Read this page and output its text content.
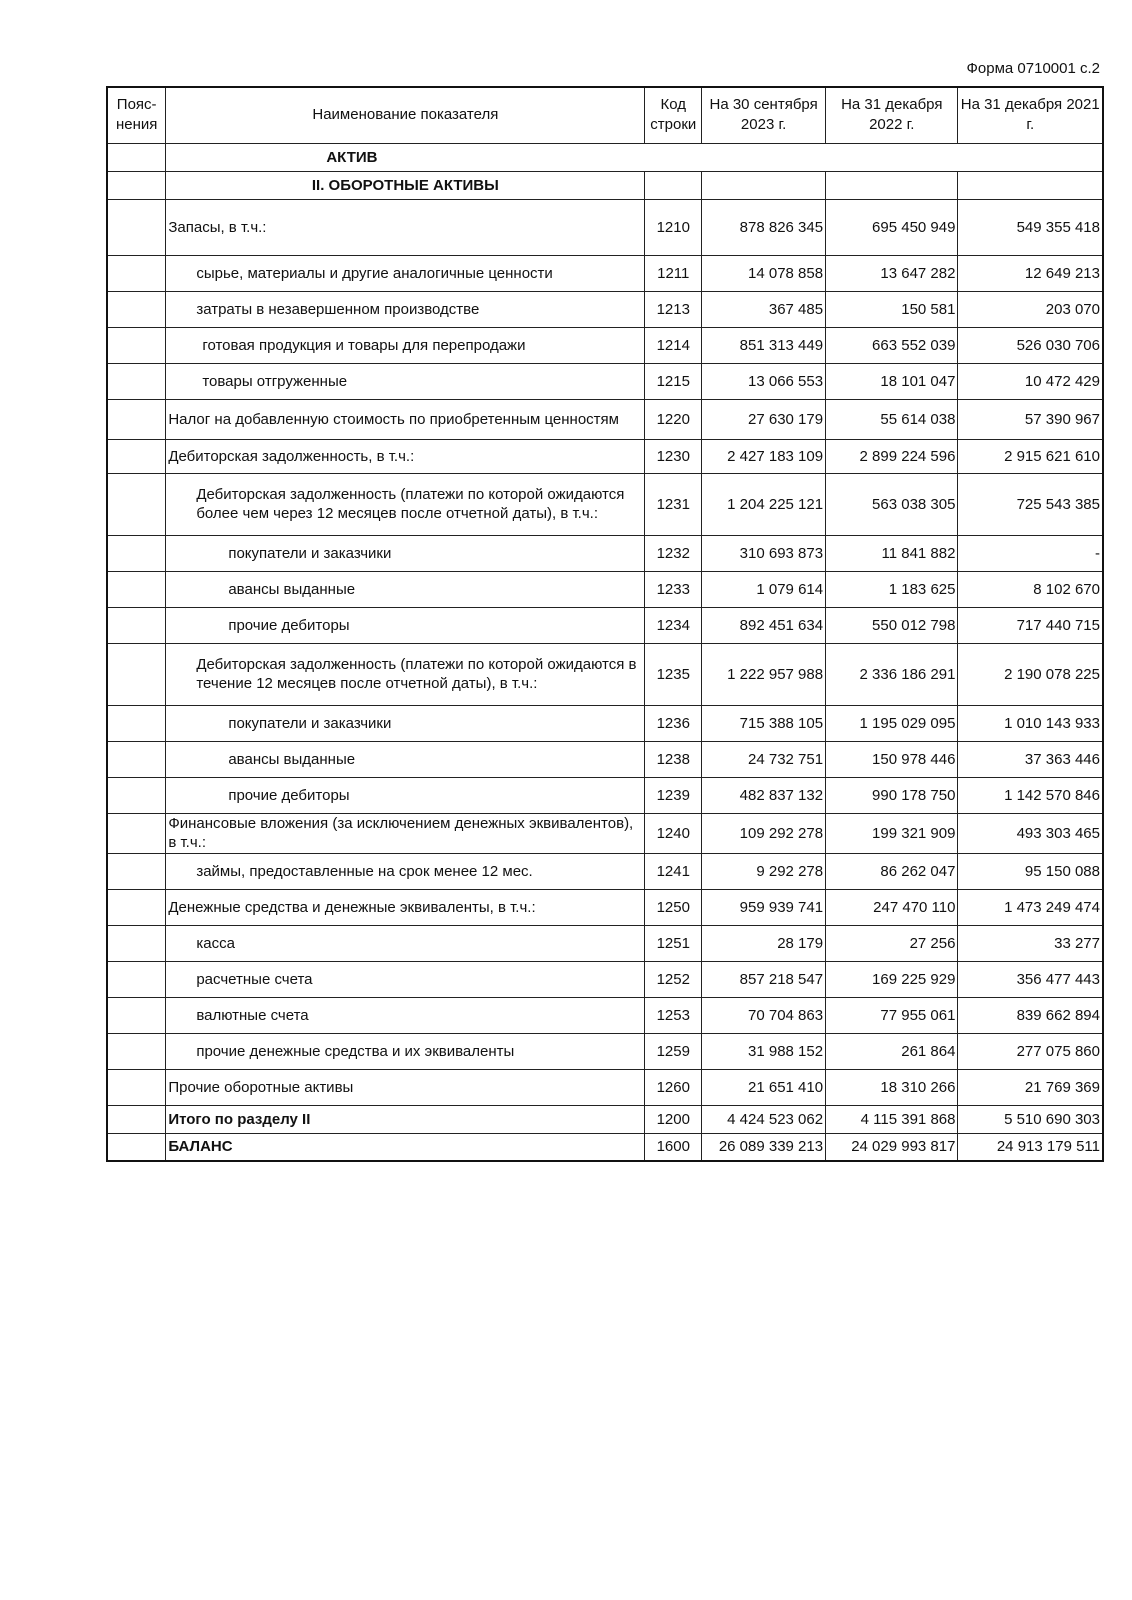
Форма 0710001 с.2
Пояс-
нения	Наименование показателя	Код строки	На 30 сентября 2023 г.	На 31 декабря 2022 г.	На 31 декабря 2021 г.
	АКТИВ				
	II. ОБОРОТНЫЕ АКТИВЫ				
	Запасы, в т.ч.:	1210	878 826 345	695 450 949	549 355 418
	сырье, материалы и другие аналогичные ценности	1211	14 078 858	13 647 282	12 649 213
	затраты в незавершенном производстве	1213	367 485	150 581	203 070
	готовая продукция и товары для перепродажи	1214	851 313 449	663 552 039	526 030 706
	товары отгруженные	1215	13 066 553	18 101 047	10 472 429
	Налог на добавленную стоимость по приобретенным ценностям	1220	27 630 179	55 614 038	57 390 967
	Дебиторская задолженность, в т.ч.:	1230	2 427 183 109	2 899 224 596	2 915 621 610
	Дебиторская задолженность (платежи по которой ожидаются более чем через 12 месяцев после отчетной даты), в т.ч.:	1231	1 204 225 121	563 038 305	725 543 385
	покупатели и заказчики	1232	310 693 873	11 841 882	-
	авансы выданные	1233	1 079 614	1 183 625	8 102 670
	прочие дебиторы	1234	892 451 634	550 012 798	717 440 715
	Дебиторская задолженность (платежи по которой ожидаются в течение 12 месяцев после отчетной даты), в т.ч.:	1235	1 222 957 988	2 336 186 291	2 190 078 225
	покупатели и заказчики	1236	715 388 105	1 195 029 095	1 010 143 933
	авансы выданные	1238	24 732 751	150 978 446	37 363 446
	прочие дебиторы	1239	482 837 132	990 178 750	1 142 570 846
	Финансовые вложения (за исключением денежных эквивалентов), в т.ч.:	1240	109 292 278	199 321 909	493 303 465
	займы, предоставленные на срок менее 12 мес.	1241	9 292 278	86 262 047	95 150 088
	Денежные средства и денежные эквиваленты, в т.ч.:	1250	959 939 741	247 470 110	1 473 249 474
	касса	1251	28 179	27 256	33 277
	расчетные счета	1252	857 218 547	169 225 929	356 477 443
	валютные счета	1253	70 704 863	77 955 061	839 662 894
	прочие денежные средства и их эквиваленты	1259	31 988 152	261 864	277 075 860
	Прочие оборотные активы	1260	21 651 410	18 310 266	21 769 369
	Итого по разделу II	1200	4 424 523 062	4 115 391 868	5 510 690 303
	БАЛАНС	1600	26 089 339 213	24 029 993 817	24 913 179 511
